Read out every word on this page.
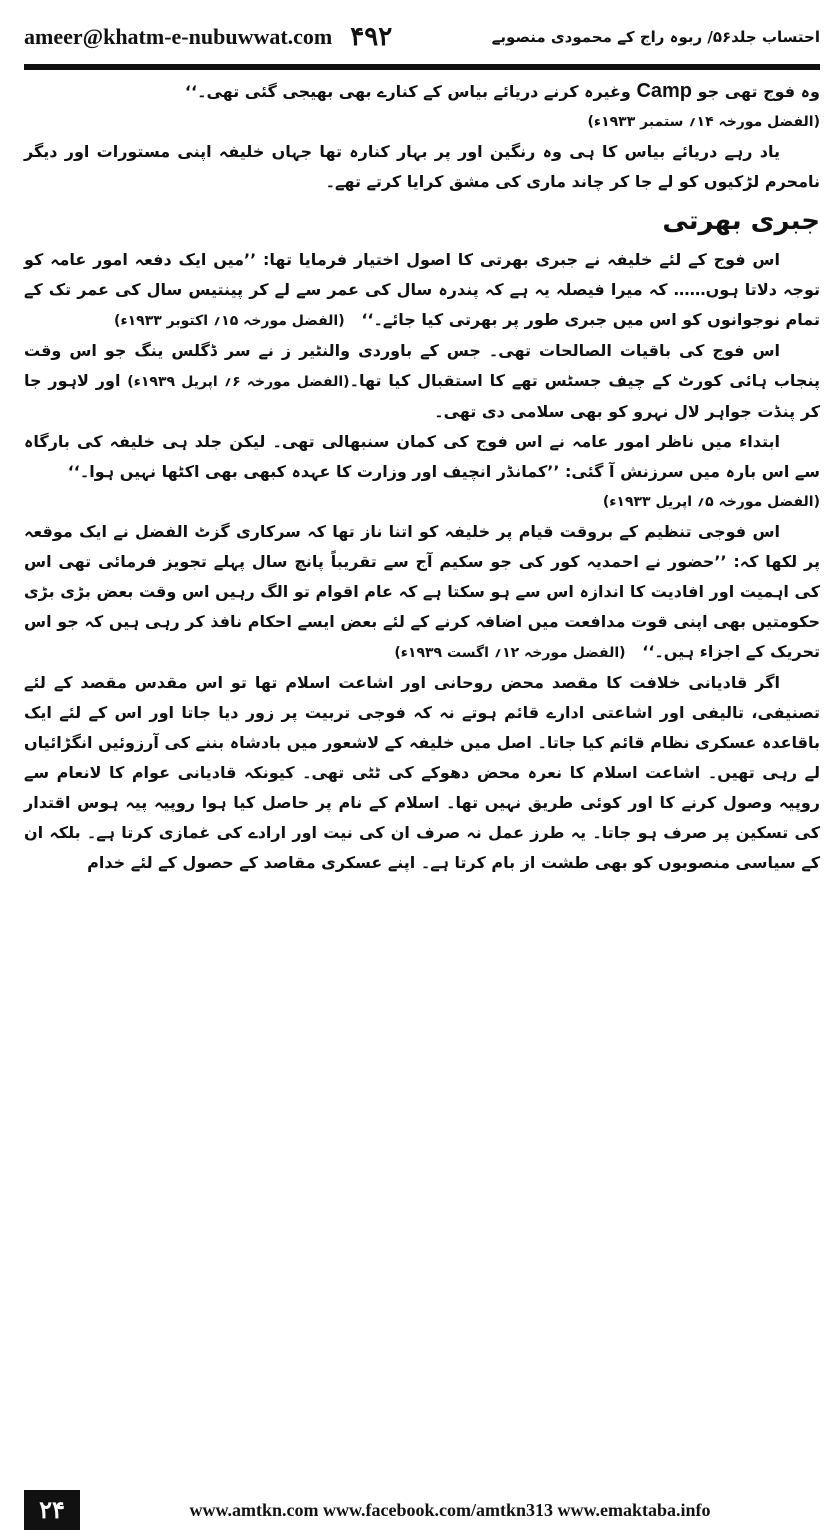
ameer@khatm-e-nubuwwat.com ۴۹۲	احتساب جلد۵۶/ ربوہ راج کے محمودی منصوبے

وہ فوج تھی جو Camp وغیرہ کرنے دریائے بیاس کے کنارے بھی بھیجی گئی تھی۔‘‘

(الفضل مورخہ ۱۴؍ ستمبر ۱۹۳۳ء)

یاد رہے دریائے بیاس کا ہی وہ رنگین اور پر بہار کنارہ تھا جہاں خلیفہ اپنی مستورات اور دیگر نامحرم لڑکیوں کو لے جا کر چاند ماری کی مشق کرایا کرتے تھے۔

جبری بھرتی

اس فوج کے لئے خلیفہ نے جبری بھرتی کا اصول اختیار فرمایا تھا: ’’میں ایک دفعہ امور عامہ کو توجہ دلاتا ہوں…… کہ میرا فیصلہ یہ ہے کہ پندرہ سال کی عمر سے لے کر پینتیس سال کی عمر تک کے تمام نوجوانوں کو اس میں جبری طور پر بھرتی کیا جائے۔‘‘   (الفضل مورخہ ۱۵؍ اکتوبر ۱۹۳۳ء)

اس فوج کی باقیات الصالحات تھی۔ جس کے باوردی والنٹیر ز نے سر ڈگلس ینگ جو اس وقت پنجاب ہائی کورٹ کے چیف جسٹس تھے کا استقبال کیا تھا۔(الفضل مورخہ ۶؍ اپریل ۱۹۳۹ء) اور لاہور جا کر پنڈت جواہر لال نہرو کو بھی سلامی دی تھی۔

ابتداء میں ناظر امور عامہ نے اس فوج کی کمان سنبھالی تھی۔ لیکن جلد ہی خلیفہ کی بارگاہ سے اس بارہ میں سرزنش آ گئی: ’’کمانڈر انچیف اور وزارت کا عہدہ کبھی بھی اکٹھا نہیں ہوا۔‘‘

(الفضل مورخہ ۵؍ اپریل ۱۹۳۳ء)

اس فوجی تنظیم کے بروقت قیام پر خلیفہ کو اتنا ناز تھا کہ سرکاری گزٹ الفضل نے ایک موقعہ پر لکھا کہ: ’’حضور نے احمدیہ کور کی جو سکیم آج سے تقریباً پانچ سال پہلے تجویز فرمائی تھی اس کی اہمیت اور افادیت کا اندازہ اس سے ہو سکتا ہے کہ عام اقوام تو الگ رہیں اس وقت بعض بڑی بڑی حکومتیں بھی اپنی قوت مدافعت میں اضافہ کرنے کے لئے بعض ایسے احکام نافذ کر رہی ہیں کہ جو اس تحریک کے اجزاء ہیں۔‘‘   (الفضل مورخہ ۱۲؍ اگست ۱۹۳۹ء)

اگر قادیانی خلافت کا مقصد محض روحانی اور اشاعت اسلام تھا تو اس مقدس مقصد کے لئے تصنیفی، تالیفی اور اشاعتی ادارے قائم ہوتے نہ کہ فوجی تربیت پر زور دیا جاتا اور اس کے لئے ایک باقاعدہ عسکری نظام قائم کیا جاتا۔ اصل میں خلیفہ کے لاشعور میں بادشاہ بننے کی آرزوئیں انگڑائیاں لے رہی تھیں۔ اشاعت اسلام کا نعرہ محض دھوکے کی ٹٹی تھی۔ کیونکہ قادیانی عوام کا لانعام سے روپیہ وصول کرنے کا اور کوئی طریق نہیں تھا۔ اسلام کے نام پر حاصل کیا ہوا روپیہ پیہ ہوس اقتدار کی تسکین پر صرف ہو جاتا۔ یہ طرز عمل نہ صرف ان کی نیت اور ارادے کی غمازی کرتا ہے۔ بلکہ ان کے سیاسی منصوبوں کو بھی طشت از بام کرتا ہے۔ اپنے عسکری مقاصد کے حصول کے لئے خدام

۲۴	www.amtkn.com www.facebook.com/amtkn313 www.emaktaba.info
